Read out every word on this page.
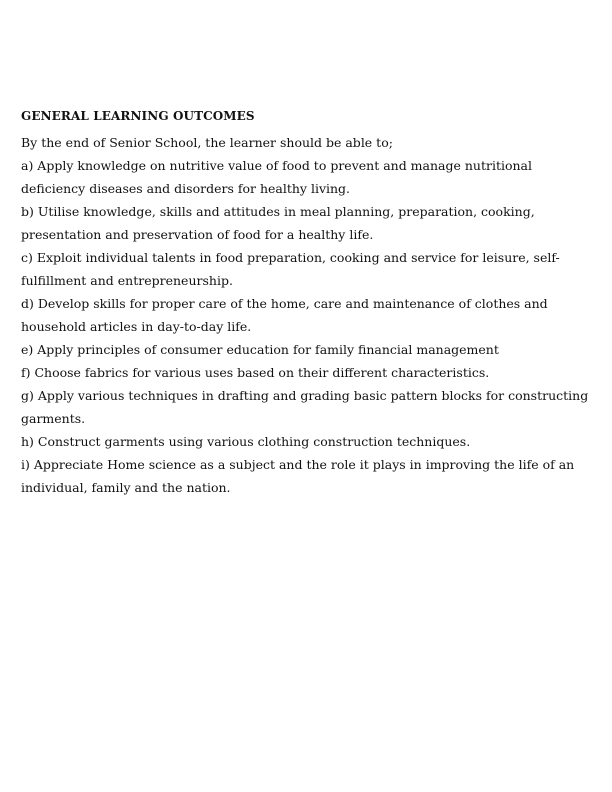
GENERAL LEARNING OUTCOMES

By the end of Senior School, the learner should be able to;

a) Apply knowledge on nutritive value of food to prevent and manage nutritional deficiency diseases and disorders for healthy living.
b) Utilise knowledge, skills and attitudes in meal planning, preparation, cooking, presentation and preservation of food for a healthy life.
c) Exploit individual talents in food preparation, cooking and service for leisure, self-fulfillment and entrepreneurship.
d) Develop skills for proper care of the home, care and maintenance of clothes and household articles in day-to-day life.
e) Apply principles of consumer education for family financial management
f) Choose fabrics for various uses based on their different characteristics.
g) Apply various techniques in drafting and grading basic pattern blocks for constructing garments.
h) Construct garments using various clothing construction techniques.
i) Appreciate Home science as a subject and the role it plays in improving the life of an individual, family and the nation.
